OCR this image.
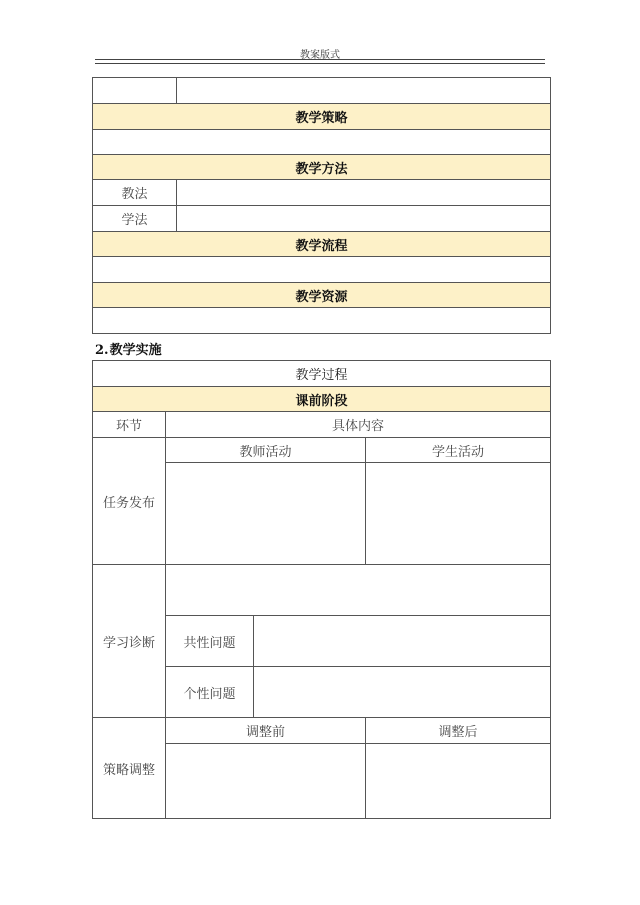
教案版式

教学策略	

教学方法	
教法	
学法	
教学流程	

教学资源	

2.教学实施
教学过程			
课前阶段			
环节	具体内容		
任务发布	教师活动		学生活动

学习诊断			
	共性问题		
	个性问题		
策略调整	调整前		调整后
